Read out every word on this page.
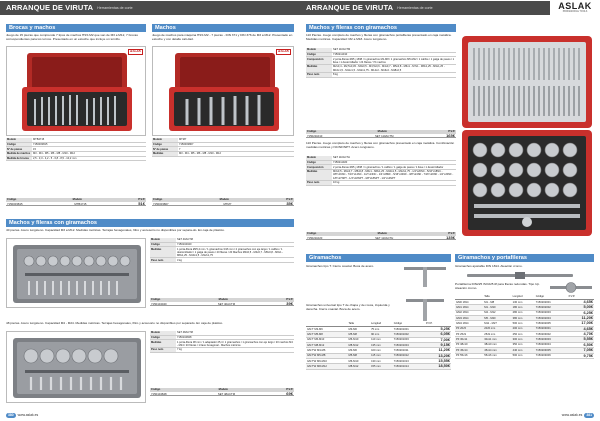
ARRANQUE DE VIRUTA Herramientas de corte
Brocas y machos
Juego de 15 piezas que comprende 7 tipos de machos HSS M2 que van de M3 a M12, 7 brocas correspondientes para los tornos. Presentado en un estuche que incluye un tornillo.
ASLAK
Modelo	MTB4715
Código	7150003815
Nº de piezas	15
Medida de machos	M3 - M4 - M5 - M6 - M8 - M10 - M12
Medida de brocas	2,5 - 3,3 - 4,2 - 5 - 6,8 - 8,5 - 10,2 mm
Código	Modelo	P.V.P.
7150003815	MTB4715	51€
Machos
Juego de machos para máquina HSS M2 - 7 piezas - DIN 371 y DIN 376 de M3 a M12. Presentado en estuche y con detalle cali-dad.
ASLAK
Modelo	MTM7
Código	7150003807
Nº de piezas	7
Medidas	M3 - M4 - M5 - M6 - M8 - M10 - M12
Código	Modelo	P.V.P.
7150003807	MTM7	35€
Machos y fileras con giramachos
40 piezas. Acero tungsteno. Capacidad M3 a M12. Medidas métricas. Terrajas hexagonales, filtro y accesorio no disponibles por separa-do. En caja de plástico.
Modelo	SET 40ACTM
Código	7150104040
Medidas	1 porta-filiera Ø25,4 mm / 1 giramachos 3/16 mm / 2 giramachos con eje largo / 1 calibre / 1 destornillador / 1 galga de pasos / 20 fileras / 20 Machos M3x0,5 - M4x0,7 - M5x0,8 - M6x1 - M8x1,25 - M10x1,5 - M12x1,75
Peso neto	3 kg
Código	Modelo	P.V.P.
7150104040	SET 40ACTM	39€
48 piezas. Acero tungsteno. Capacidad M4 - M24. Medidas métricas. Terrajas hexagonales, filtro y accesorio no disponibles por separado. En caja de plástico.
Modelo	SET 48ACTM
Código	7150104848
Medidas	1 porta-filiera 38 mm / 1 adaptador 25,4 / 1 giramachos / 1 giramachos con eje largo / 20 machos M4 - M24 / 20 fileras / 1 llave hexagonal - Machos métricos
Peso neto	7 kg
Código	Modelo	P.V.P.
7150104848	SET 48ACTM	69€
380	www.aslak.es
ARRANQUE DE VIRUTA Herramientas de corte	ASLAK
PROFESIONAL TOOLS
Machos y fileras con giramachos
110 Piezas. Juego completo de machos y fileras con giramachos portafileras presentado en caja metálica. Medidas métricas. Capacidad: M2 a M18. Acero tungsteno.
Modelo	SET 110ACTM
Código	7150211010
Composición	2 porta-fileras Ø25 y Ø38 / 1 giramachos M1-M8 / 1 giramachos M5-M12 / 1 calibre / 1 galga de pasos / 1 llave / 1 destornillador / 24 fileras / 72 machos
Medidas	M2x0,4 - M2,5x0,45 - M3x0,5 - M3,5x0,6 - M4x0,7 - M5x0,8 - M6x1 - M7x1 - M8x1,25 - M9x1,25 - M10x1,5 - M11x1,5 - M12x1,75 - M14x2 - M16x2 - M18x2,5
Peso neto	8 kg
Código	Modelo	P.V.P.
7150211010	SET 110ACTM	165€
110 Piezas. Juego completo de machos y fileras con giramachos presentado en caja metálica. Combinación medidas métricas y NC/NF/NPT. Acero tungsteno.
Modelo	SET 110ACTH
Código	7150211020
Composición	2 porta-fileras Ø25 y Ø38 / 1 giramachos / 1 calibre / 1 galga de pasos / 1 llave / 1 destornillador
Medidas	M3x0,5 - M4x0,7 - M5x0,8 - M6x1 - M8x1,25 - M10x1,5 - M12x1,75 - 1/4"x20NC - 5/16"x18NC - 3/8"x16NC - 7/16"x14NC - 1/2"x13NC - 1/4"x28NF - 5/16"x24NF - 3/8"x24NF - 7/16"x20NF - 1/2"x20NF - 1/8"x27NPT - 1/4"x18NPT - 3/8"x18NPT - 1/2"x14NPT
Peso neto	10 kg
Código	Modelo	P.V.P.
7150211020	SET 110ACTH	135€
Giramachos
Giramachos tipo T. Cierre coaxial. Boca de acero.
Giramachos universal tipo T de chapa y de rosca, izquierda y derecha. Cierre coaxial. Boca de acero.
	Talla	Longitud	Código	P.V.P.
GM T M3-M6	M3-M6	75 mm	7150201001	5,25€
GM T M5-M8	M5-M8	90 mm	7150201002	6,05€
GM T M6-M10	M6-M10	110 mm	7150201003	7,00€
GM T M8-M12	M8-M12	135 mm	7150201004	9,15€
GM TW M3-M6	M3-M6	100 mm	7150201011	11,20€
GM TW M5-M8	M5-M8	115 mm	7150201012	13,20€
GM TW M6-M10	M6-M10	130 mm	7150201013	15,55€
GM TW M8-M12	M8-M12	155 mm	7150201014	18,50€
Giramachos y portafileras
Giramachos ajustable DIN 1814. Aleación cromo.
Portafilerna DIN225 ISO225 Ø para fileras redondas. Tipo Up. Aleación cromo.
	Talla	Longitud	Código	P.V.P.
GM0 1814	M1 - M8	130 mm	7150202001	4,65€
GM1 1814	M1 - M10	180 mm	7150202002	5,00€
GM2 1814	M4 - M12	280 mm	7150202003	6,25€
GM3 1814	M5 - M20	380 mm	7150202004	11,20€
GM4 1814	M11 - M27	500 mm	7150202005	17,00€
PF 20x5	20x5 mm	200 mm	7150203001	4,65€
PF 25x9	25x9 mm	250 mm	7150203002	4,70€
PF 30x11	30x11 mm	300 mm	7150203003	5,55€
PF 38x10	38x10 mm	350 mm	7150203004	6,50€
PF 45x14	45x14 mm	440 mm	7150203005	7,05€
PF 55x16	55x16 mm	500 mm	7150203006	9,75€
www.aslak.es	381
